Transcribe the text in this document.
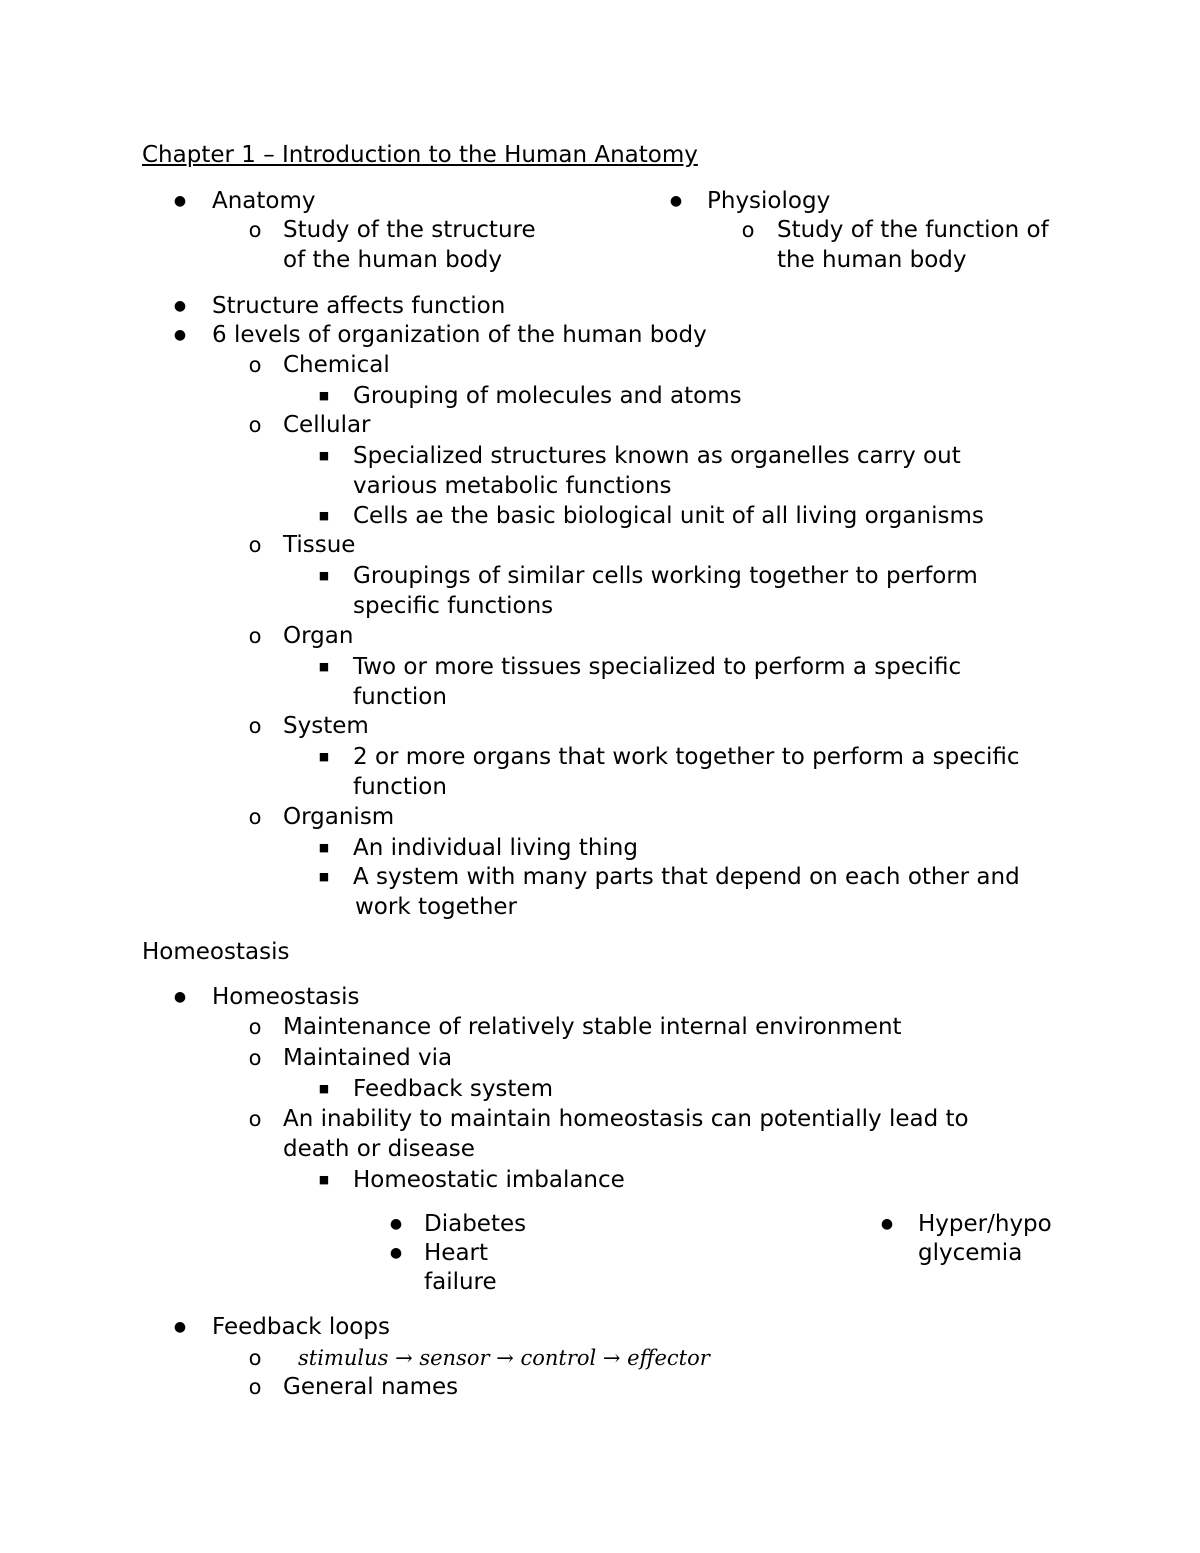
Chapter 1 – Introduction to the Human Anatomy
● Anatomy
o Study of the structure
of the human body
● Physiology
o Study of the function of
the human body
● Structure affects function
● 6 levels of organization of the human body
o Chemical
■ Grouping of molecules and atoms
o Cellular
■ Specialized structures known as organelles carry out
various metabolic functions
■ Cells ae the basic biological unit of all living organisms
o Tissue
■ Groupings of similar cells working together to perform
specific functions
o Organ
■ Two or more tissues specialized to perform a specific
function
o System
■ 2 or more organs that work together to perform a specific
function
o Organism
■ An individual living thing
■ A system with many parts that depend on each other and
work together
Homeostasis
● Homeostasis
o Maintenance of relatively stable internal environment
o Maintained via
■ Feedback system
o An inability to maintain homeostasis can potentially lead to
death or disease
■ Homeostatic imbalance
● Diabetes
● Heart
failure
● Hyper/hypo
glycemia
● Feedback loops
o stimulus → sensor → control → effector
o General names
